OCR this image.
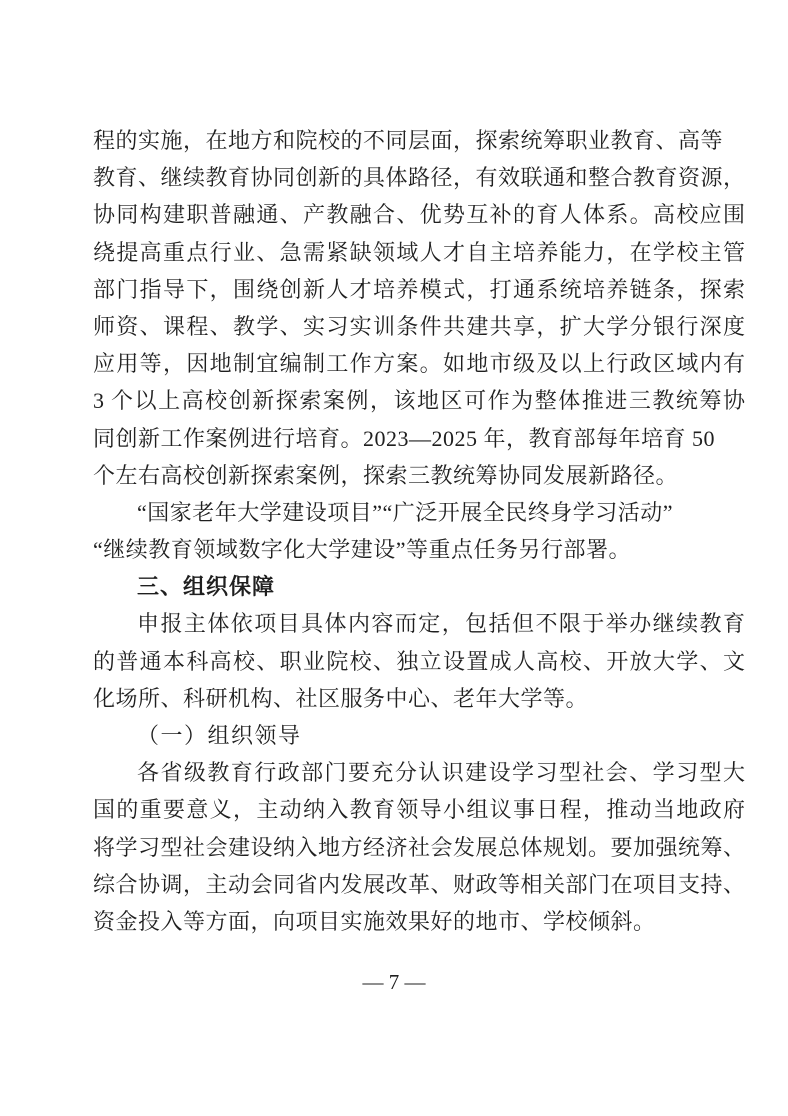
程的实施，在地方和院校的不同层面，探索统筹职业教育、高等
教育、继续教育协同创新的具体路径，有效联通和整合教育资源，
协同构建职普融通、产教融合、优势互补的育人体系。高校应围
绕提高重点行业、急需紧缺领域人才自主培养能力，在学校主管
部门指导下，围绕创新人才培养模式，打通系统培养链条，探索
师资、课程、教学、实习实训条件共建共享，扩大学分银行深度
应用等，因地制宜编制工作方案。如地市级及以上行政区域内有
3 个以上高校创新探索案例，该地区可作为整体推进三教统筹协
同创新工作案例进行培育。2023—2025 年，教育部每年培育 50
个左右高校创新探索案例，探索三教统筹协同发展新路径。
“国家老年大学建设项目”“广泛开展全民终身学习活动”
“继续教育领域数字化大学建设”等重点任务另行部署。
三、组织保障
申报主体依项目具体内容而定，包括但不限于举办继续教育
的普通本科高校、职业院校、独立设置成人高校、开放大学、文
化场所、科研机构、社区服务中心、老年大学等。
（一）组织领导
各省级教育行政部门要充分认识建设学习型社会、学习型大
国的重要意义，主动纳入教育领导小组议事日程，推动当地政府
将学习型社会建设纳入地方经济社会发展总体规划。要加强统筹、
综合协调，主动会同省内发展改革、财政等相关部门在项目支持、
资金投入等方面，向项目实施效果好的地市、学校倾斜。
— 7 —
